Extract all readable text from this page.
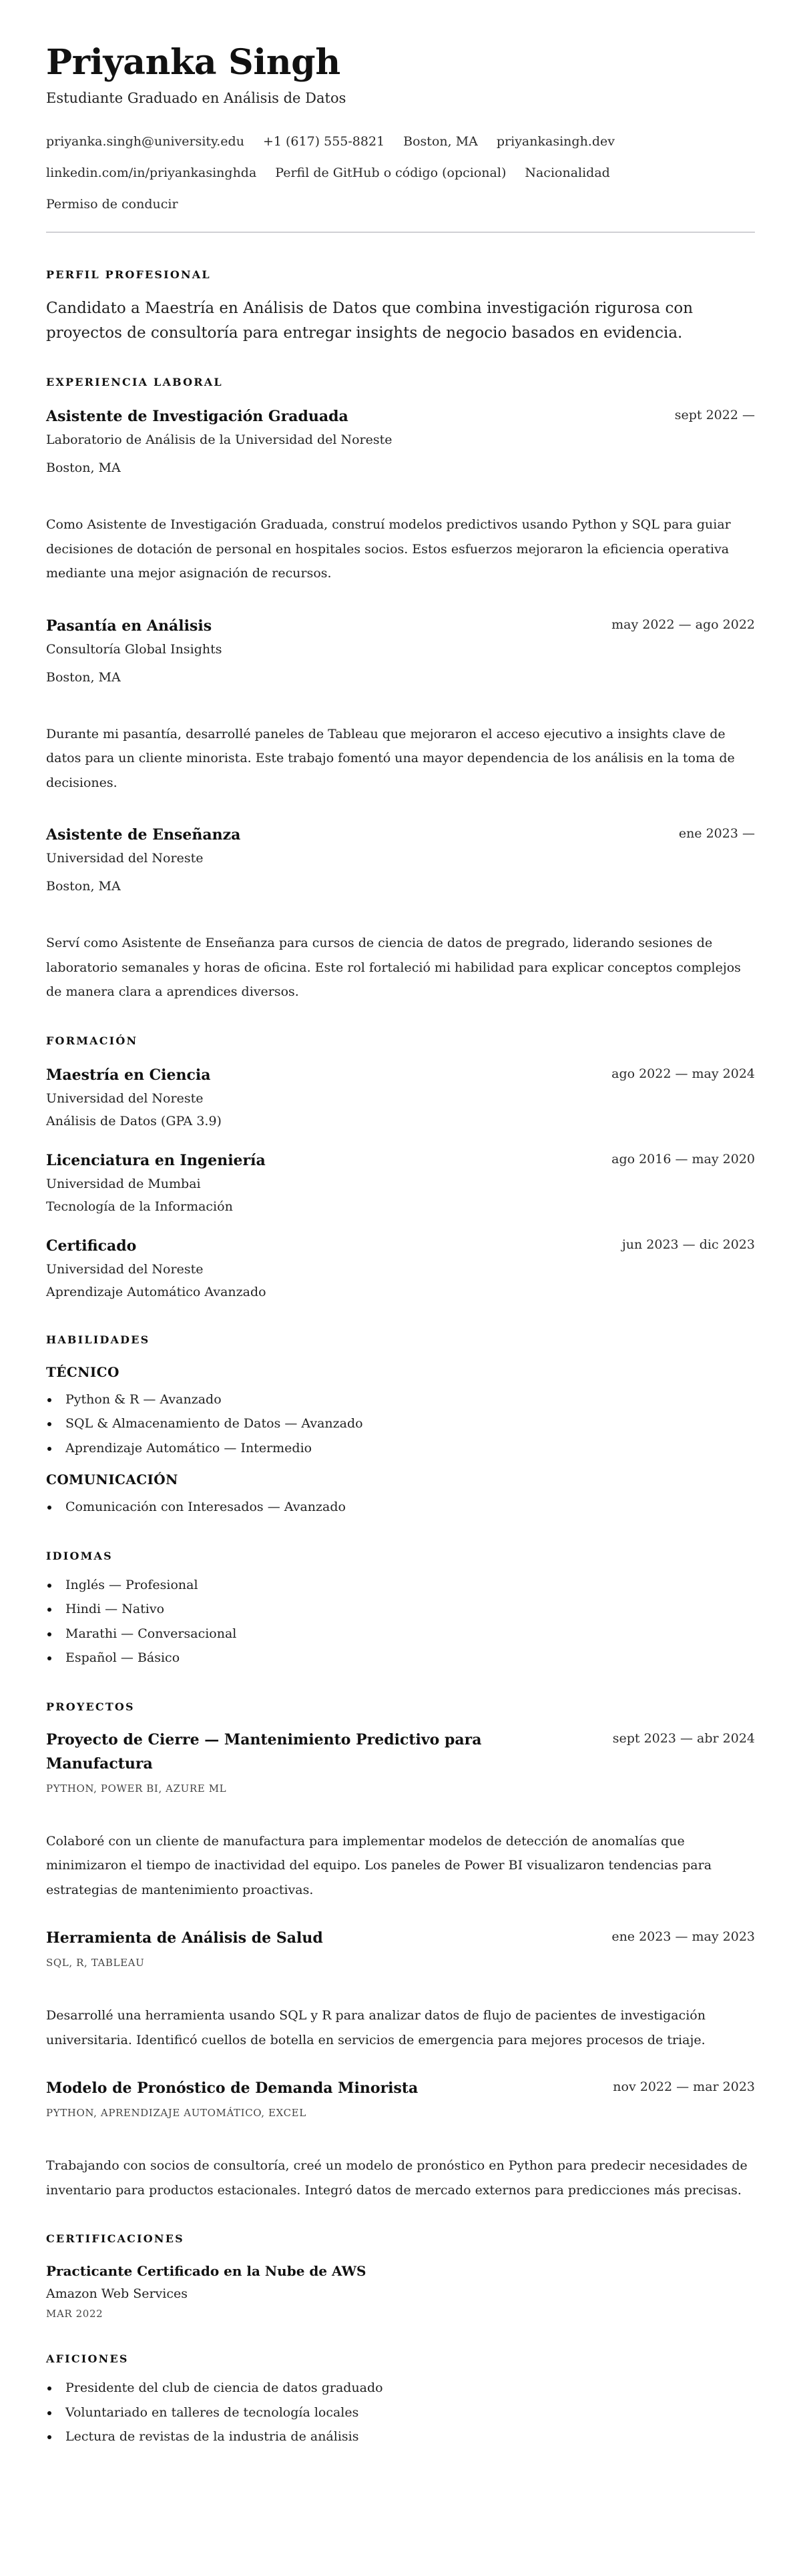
Priyanka Singh
Estudiante Graduado en Análisis de Datos
priyanka.singh@university.edu +1 (617) 555-8821 Boston, MA priyankasingh.dev
linkedin.com/in/priyankasinghda Perfil de GitHub o código (opcional) Nacionalidad
Permiso de conducir
PERFIL PROFESIONAL

Candidato a Maestría en Análisis de Datos que combina investigación rigurosa con proyectos de consultoría para entregar insights de negocio basados en evidencia.

EXPERIENCIA LABORAL
Asistente de Investigación Graduada	sept 2022 —
Laboratorio de Análisis de la Universidad del Noreste
Boston, MA

Como Asistente de Investigación Graduada, construí modelos predictivos usando Python y SQL para guiar decisiones de dotación de personal en hospitales socios. Estos esfuerzos mejoraron la eficiencia operativa mediante una mejor asignación de recursos.

Pasantía en Análisis	may 2022 — ago 2022
Consultoría Global Insights
Boston, MA

Durante mi pasantía, desarrollé paneles de Tableau que mejoraron el acceso ejecutivo a insights clave de datos para un cliente minorista. Este trabajo fomentó una mayor dependencia de los análisis en la toma de decisiones.

Asistente de Enseñanza	ene 2023 —
Universidad del Noreste
Boston, MA

Serví como Asistente de Enseñanza para cursos de ciencia de datos de pregrado, liderando sesiones de laboratorio semanales y horas de oficina. Este rol fortaleció mi habilidad para explicar conceptos complejos de manera clara a aprendices diversos.

FORMACIÓN
Maestría en Ciencia	ago 2022 — may 2024
Universidad del Noreste
Análisis de Datos (GPA 3.9)
Licenciatura en Ingeniería	ago 2016 — may 2020
Universidad de Mumbai
Tecnología de la Información
Certificado	jun 2023 — dic 2023
Universidad del Noreste
Aprendizaje Automático Avanzado
HABILIDADES
TÉCNICO
Python & R — Avanzado
SQL & Almacenamiento de Datos — Avanzado
Aprendizaje Automático — Intermedio
COMUNICACIÓN
Comunicación con Interesados — Avanzado
IDIOMAS
Inglés — Profesional
Hindi — Nativo
Marathi — Conversacional
Español — Básico
PROYECTOS
Proyecto de Cierre — Mantenimiento Predictivo para Manufactura
sept 2023 — abr 2024
PYTHON, POWER BI, AZURE ML

Colaboré con un cliente de manufactura para implementar modelos de detección de anomalías que minimizaron el tiempo de inactividad del equipo. Los paneles de Power BI visualizaron tendencias para estrategias de mantenimiento proactivas.

Herramienta de Análisis de Salud	ene 2023 — may 2023
SQL, R, TABLEAU

Desarrollé una herramienta usando SQL y R para analizar datos de flujo de pacientes de investigación universitaria. Identificó cuellos de botella en servicios de emergencia para mejores procesos de triaje.

Modelo de Pronóstico de Demanda Minorista	nov 2022 — mar 2023
PYTHON, APRENDIZAJE AUTOMÁTICO, EXCEL

Trabajando con socios de consultoría, creé un modelo de pronóstico en Python para predecir necesidades de inventario para productos estacionales. Integró datos de mercado externos para predicciones más precisas.

CERTIFICACIONES
Practicante Certificado en la Nube de AWS
Amazon Web Services
MAR 2022
AFICIONES
Presidente del club de ciencia de datos graduado
Voluntariado en talleres de tecnología locales
Lectura de revistas de la industria de análisis
